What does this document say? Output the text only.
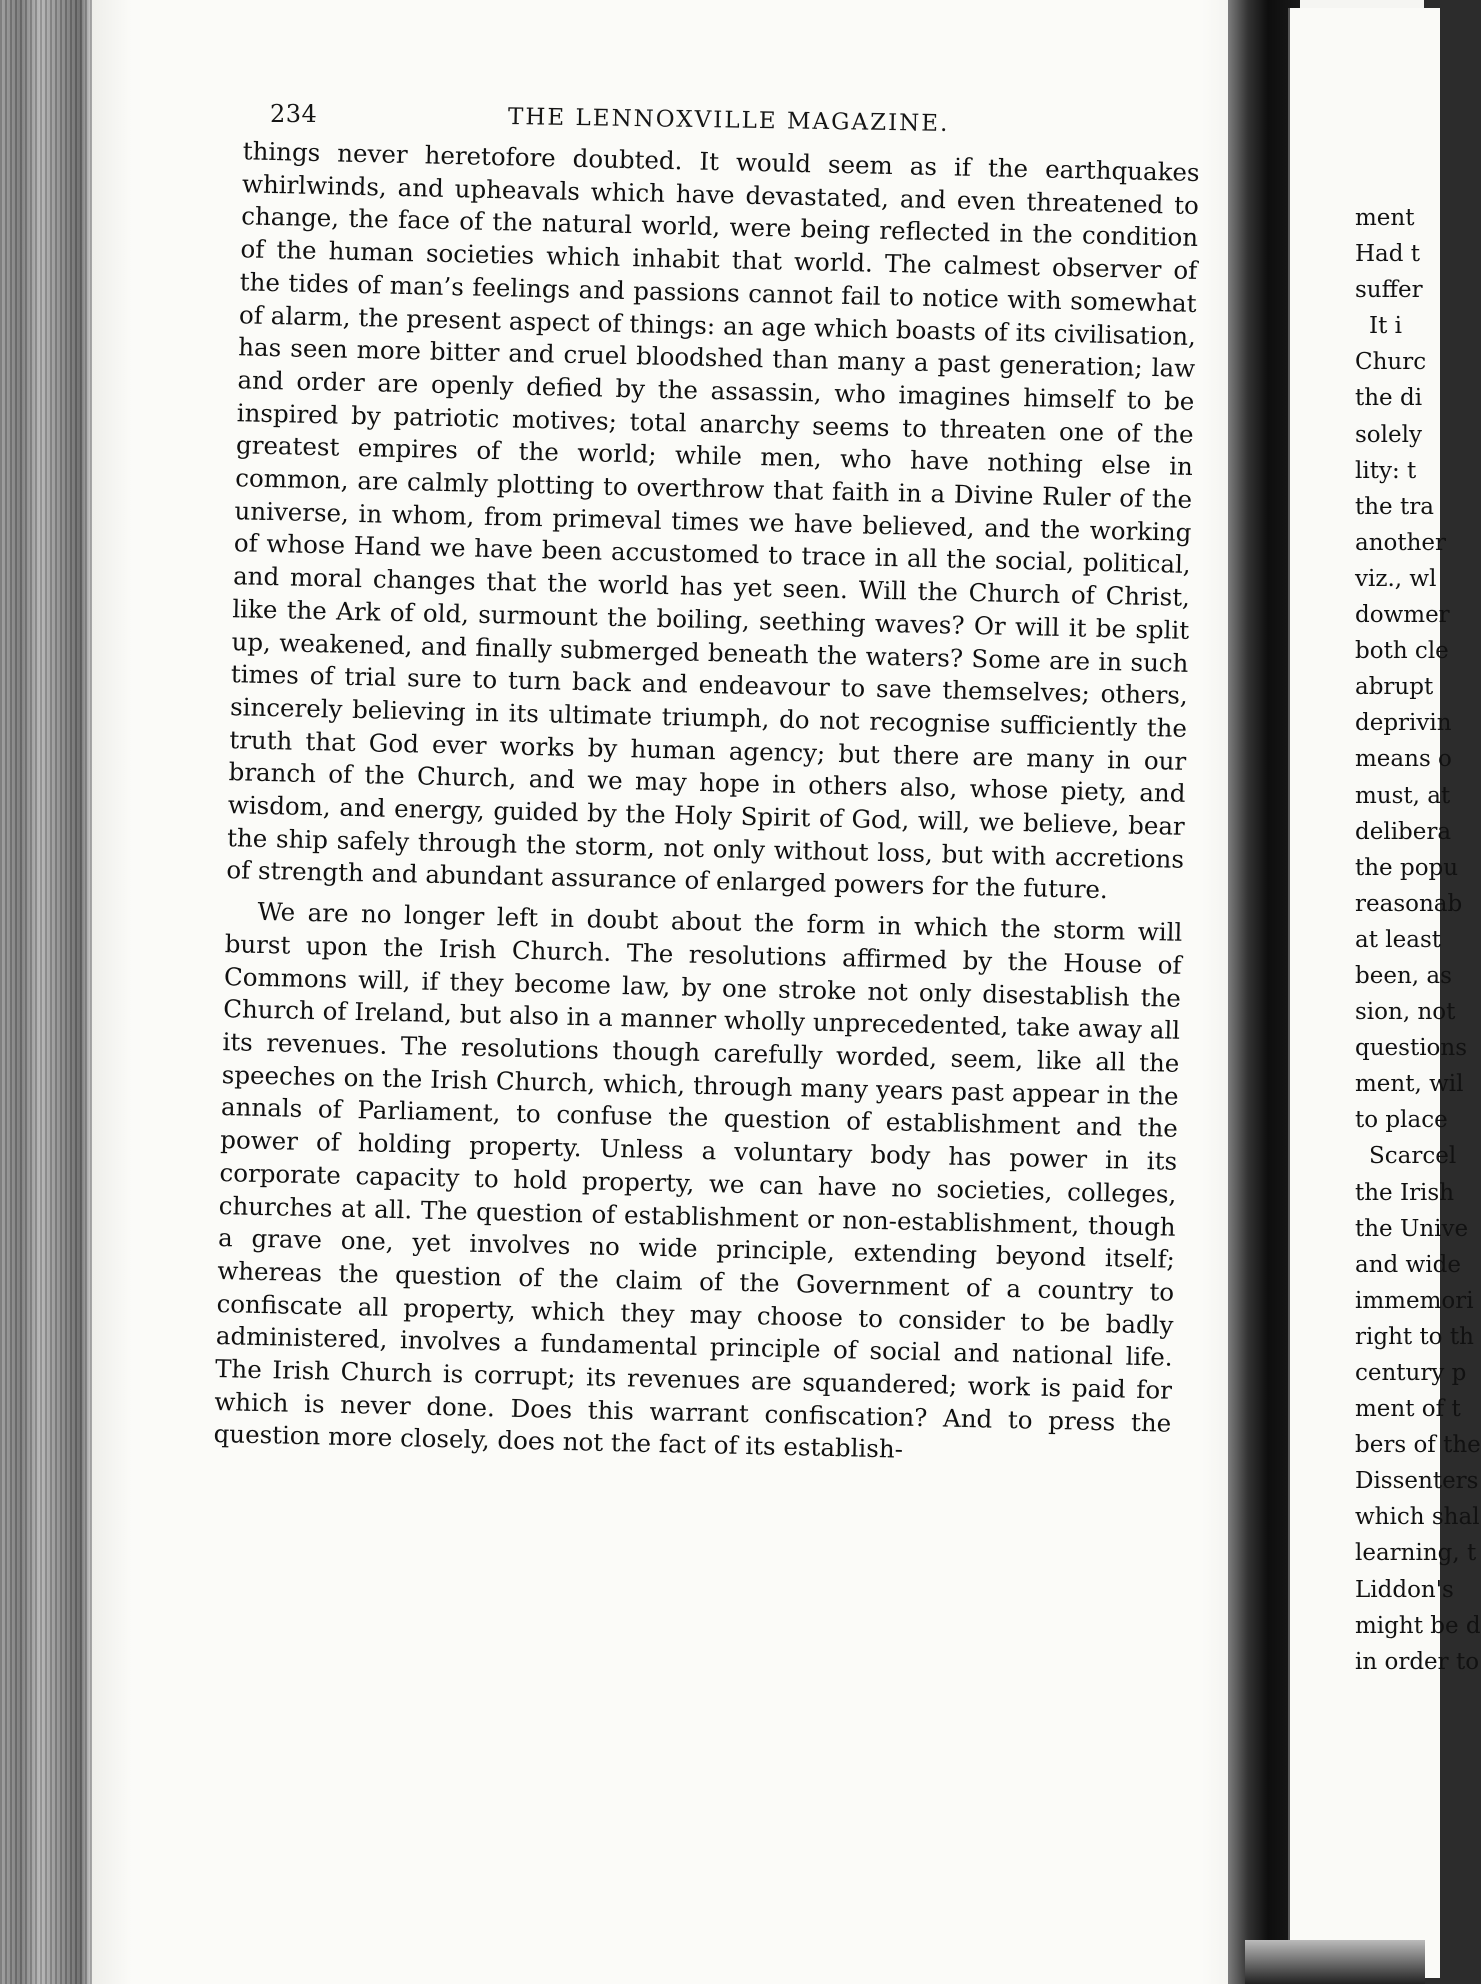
234	THE LENNOXVILLE MAGAZINE.

things never heretofore doubted. It would seem as if the earthquakes whirlwinds, and upheavals which have devastated, and even threatened to change, the face of the natural world, were being reflected in the condition of the human societies which inhabit that world. The calmest observer of the tides of man’s feelings and passions cannot fail to notice with somewhat of alarm, the present aspect of things: an age which boasts of its civilisation, has seen more bitter and cruel bloodshed than many a past generation; law and order are openly defied by the assassin, who imagines himself to be inspired by patriotic motives; total anarchy seems to threaten one of the greatest empires of the world; while men, who have nothing else in common, are calmly plotting to overthrow that faith in a Divine Ruler of the universe, in whom, from primeval times we have believed, and the working of whose Hand we have been accustomed to trace in all the social, political, and moral changes that the world has yet seen. Will the Church of Christ, like the Ark of old, surmount the boiling, seething waves? Or will it be split up, weakened, and finally submerged beneath the waters? Some are in such times of trial sure to turn back and endeavour to save themselves; others, sincerely believing in its ultimate triumph, do not recognise sufficiently the truth that God ever works by human agency; but there are many in our branch of the Church, and we may hope in others also, whose piety, and wisdom, and energy, guided by the Holy Spirit of God, will, we believe, bear the ship safely through the storm, not only without loss, but with accretions of strength and abundant assurance of enlarged powers for the future.

We are no longer left in doubt about the form in which the storm will burst upon the Irish Church. The resolutions affirmed by the House of Commons will, if they become law, by one stroke not only disestablish the Church of Ireland, but also in a manner wholly unprecedented, take away all its revenues. The resolutions though carefully worded, seem, like all the speeches on the Irish Church, which, through many years past appear in the annals of Parliament, to confuse the question of establishment and the power of holding property. Unless a voluntary body has power in its corporate capacity to hold property, we can have no societies, colleges, churches at all. The question of establishment or non-establishment, though a grave one, yet involves no wide principle, extending beyond itself; whereas the question of the claim of the Government of a country to confiscate all property, which they may choose to consider to be badly administered, involves a fundamental principle of social and national life. The Irish Church is corrupt; its revenues are squandered; work is paid for which is never done. Does this warrant confiscation? And to press the question more closely, does not the fact of its establish-

ment
Had t
suffer
It i
Churc
the di
solely
lity: t
the tra
another
viz., wl
dowmer
both cle
abrupt
deprivin
means o
must, at
delibera
the popu
reasonab
at least
been, as
sion, not
questions
ment, wil
to place
Scarcel
the Irish
the Unive
and wide
immemori
right to th
century p
ment of t
bers of the
Dissenters
which shal
learning, t
Liddon's
might be d
in order to
